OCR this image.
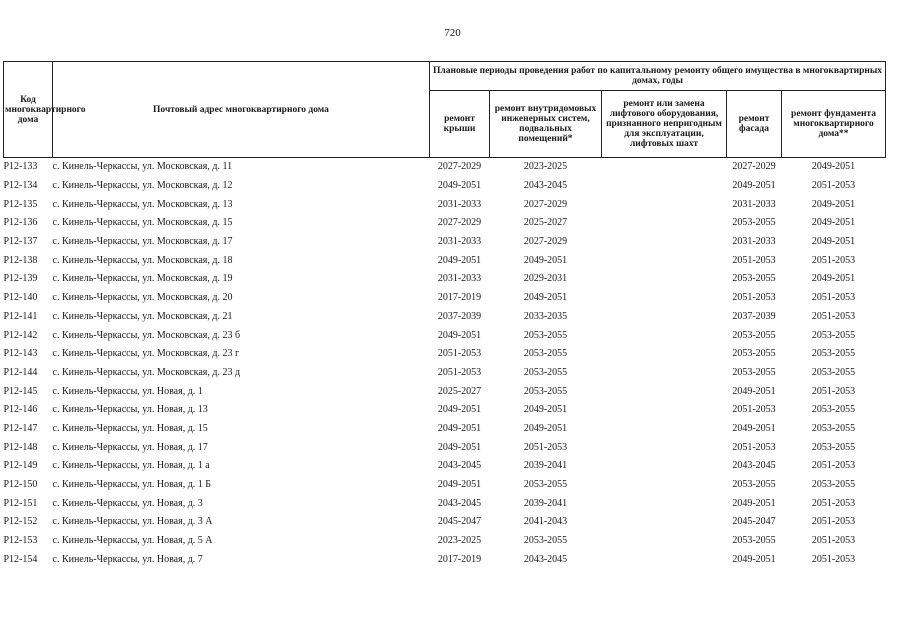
720
Код многоквартирного дома	Почтовый адрес многоквартирного дома	Плановые периоды проведения работ по капитальному ремонту общего имущества в многоквартирных домах, годы				
		ремонт крыши	ремонт внутридомовых инженерных систем, подвальных помещений*	ремонт или замена лифтового оборудования, признанного непригодным для эксплуатации, лифтовых шахт	ремонт фасада	ремонт фундамента многоквартирного дома**
Р12-133	с. Кинель-Черкассы, ул. Московская, д. 11	2027-2029	2023-2025		2027-2029	2049-2051
Р12-134	с. Кинель-Черкассы, ул. Московская, д. 12	2049-2051	2043-2045		2049-2051	2051-2053
Р12-135	с. Кинель-Черкассы, ул. Московская, д. 13	2031-2033	2027-2029		2031-2033	2049-2051
Р12-136	с. Кинель-Черкассы, ул. Московская, д. 15	2027-2029	2025-2027		2053-2055	2049-2051
Р12-137	с. Кинель-Черкассы, ул. Московская, д. 17	2031-2033	2027-2029		2031-2033	2049-2051
Р12-138	с. Кинель-Черкассы, ул. Московская, д. 18	2049-2051	2049-2051		2051-2053	2051-2053
Р12-139	с. Кинель-Черкассы, ул. Московская, д. 19	2031-2033	2029-2031		2053-2055	2049-2051
Р12-140	с. Кинель-Черкассы, ул. Московская, д. 20	2017-2019	2049-2051		2051-2053	2051-2053
Р12-141	с. Кинель-Черкассы, ул. Московская, д. 21	2037-2039	2033-2035		2037-2039	2051-2053
Р12-142	с. Кинель-Черкассы, ул. Московская, д. 23 б	2049-2051	2053-2055		2053-2055	2053-2055
Р12-143	с. Кинель-Черкассы, ул. Московская, д. 23 г	2051-2053	2053-2055		2053-2055	2053-2055
Р12-144	с. Кинель-Черкассы, ул. Московская, д. 23 д	2051-2053	2053-2055		2053-2055	2053-2055
Р12-145	с. Кинель-Черкассы, ул. Новая, д. 1	2025-2027	2053-2055		2049-2051	2051-2053
Р12-146	с. Кинель-Черкассы, ул. Новая, д. 13	2049-2051	2049-2051		2051-2053	2053-2055
Р12-147	с. Кинель-Черкассы, ул. Новая, д. 15	2049-2051	2049-2051		2049-2051	2053-2055
Р12-148	с. Кинель-Черкассы, ул. Новая, д. 17	2049-2051	2051-2053		2051-2053	2053-2055
Р12-149	с. Кинель-Черкассы, ул. Новая, д. 1 а	2043-2045	2039-2041		2043-2045	2051-2053
Р12-150	с. Кинель-Черкассы, ул. Новая, д. 1 Б	2049-2051	2053-2055		2053-2055	2053-2055
Р12-151	с. Кинель-Черкассы, ул. Новая, д. 3	2043-2045	2039-2041		2049-2051	2051-2053
Р12-152	с. Кинель-Черкассы, ул. Новая, д. 3 А	2045-2047	2041-2043		2045-2047	2051-2053
Р12-153	с. Кинель-Черкассы, ул. Новая, д. 5 А	2023-2025	2053-2055		2053-2055	2051-2053
Р12-154	с. Кинель-Черкассы, ул. Новая, д. 7	2017-2019	2043-2045		2049-2051	2051-2053
